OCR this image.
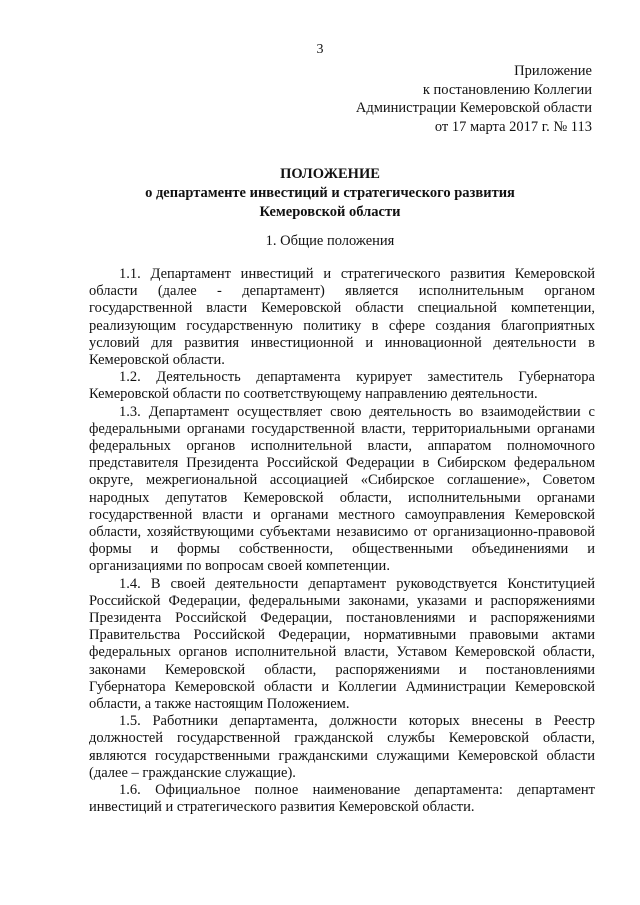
3
Приложение
к постановлению Коллегии
Администрации Кемеровской области
от 17 марта 2017 г. № 113
ПОЛОЖЕНИЕ
о департаменте инвестиций и стратегического развития
Кемеровской области
1. Общие положения

1.1. Департамент инвестиций и стратегического развития Кемеровской области (далее - департамент) является исполнительным органом государственной власти Кемеровской области специальной компетенции, реализующим государственную политику в сфере создания благоприятных условий для развития инвестиционной и инновационной деятельности в Кемеровской области.

1.2. Деятельность департамента курирует заместитель Губернатора Кемеровской области по соответствующему направлению деятельности.

1.3. Департамент осуществляет свою деятельность во взаимодействии с федеральными органами государственной власти, территориальными органами федеральных органов исполнительной власти, аппаратом полномочного представителя Президента Российской Федерации в Сибирском федеральном округе, межрегиональной ассоциацией «Сибирское соглашение», Советом народных депутатов Кемеровской области, исполнительными органами государственной власти и органами местного самоуправления Кемеровской области, хозяйствующими субъектами независимо от организационно-правовой формы и формы собственности, общественными объединениями и организациями по вопросам своей компетенции.

1.4. В своей деятельности департамент руководствуется Конституцией Российской Федерации, федеральными законами, указами и распоряжениями Президента Российской Федерации, постановлениями и распоряжениями Правительства Российской Федерации, нормативными правовыми актами федеральных органов исполнительной власти, Уставом Кемеровской области, законами Кемеровской области, распоряжениями и постановлениями Губернатора Кемеровской области и Коллегии Администрации Кемеровской области, а также настоящим Положением.

1.5. Работники департамента, должности которых внесены в Реестр должностей государственной гражданской службы Кемеровской области, являются государственными гражданскими служащими Кемеровской области (далее – гражданские служащие).

1.6. Официальное полное наименование департамента: департамент инвестиций и стратегического развития Кемеровской области.
